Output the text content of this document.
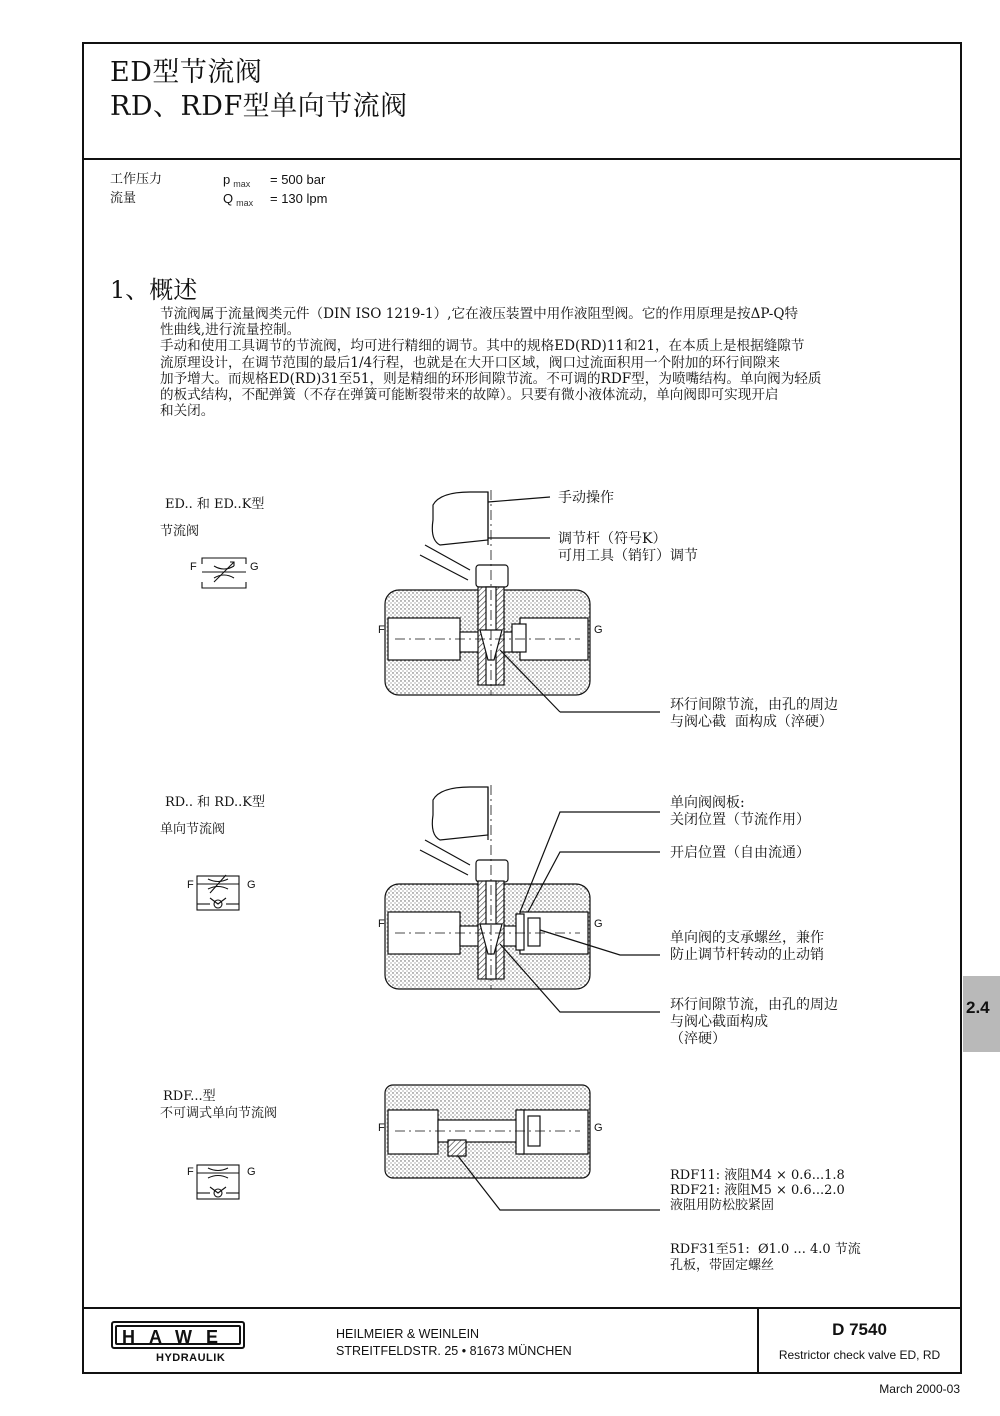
ED型节流阀
RD、RDF型单向节流阀
工作压力	p $_{max}$ = 500 bar
流量	Q $_{max}$ = 130 lpm
1、概述
节流阀属于流量阀类元件（DIN ISO 1219-1）,它在液压装置中用作液阻型阀。它的作用原理是按ΔP-Q特
性曲线,进行流量控制。
手动和使用工具调节的节流阀，均可进行精细的调节。其中的规格ED(RD)11和21，在本质上是根据缝隙节
流原理设计，在调节范围的最后1/4行程，也就是在大开口区域，阀口过流面积用一个附加的环行间隙来
加予增大。而规格ED(RD)31至51，则是精细的环形间隙节流。不可调的RDF型，为喷嘴结构。单向阀为轻质
的板式结构，不配弹簧（不存在弹簧可能断裂带来的故障）。只要有微小液体流动，单向阀即可实现开启
和关闭。
ED.. 和 ED..K型
节流阀
F	G
F	G
手动操作
调节杆（符号K）
可用工具（销钉）调节
环行间隙节流，由孔的周边
与阀心截  面构成（淬硬）
RD.. 和 RD..K型
单向节流阀
F	G
F	G
单向阀阀板:
关闭位置（节流作用）
开启位置（自由流通）
单向阀的支承螺丝，兼作
防止调节杆转动的止动销
环行间隙节流，由孔的周边
与阀心截面构成
（淬硬）
RDF...型
不可调式单向节流阀
F	G
F	G
RDF11: 液阻M4 × 0.6...1.8
RDF21: 液阻M5 × 0.6...2.0
液阻用防松胶紧固
RDF31至51:  Ø1.0 ... 4.0 节流
孔板，带固定螺丝
2.4
HAWE
HYDRAULIK
HEILMEIER & WEINLEIN
STREITFELDSTR. 25 • 81673 MÜNCHEN
D 7540
Restrictor check valve ED, RD
March 2000-03
